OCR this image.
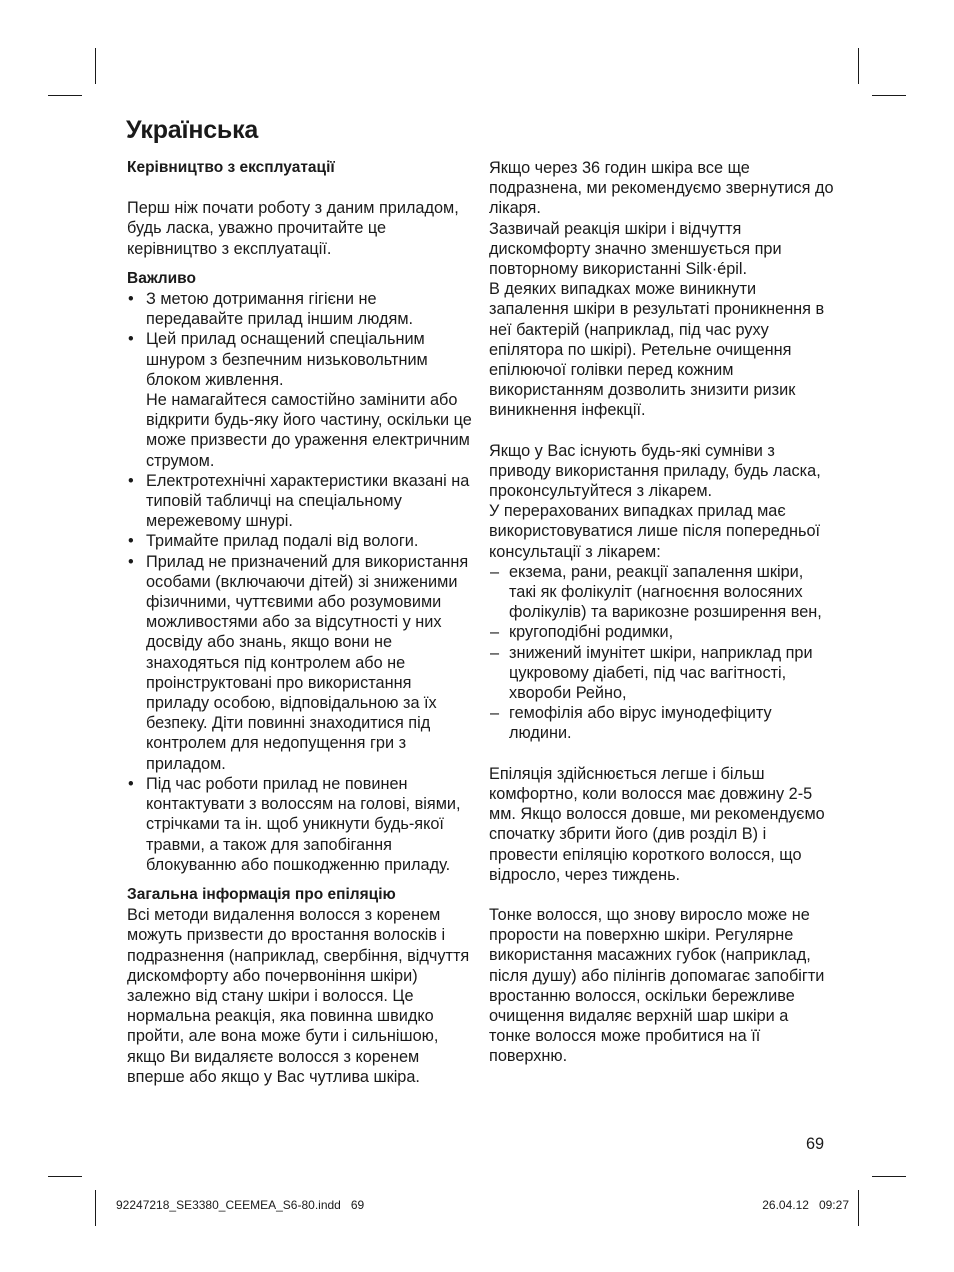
Українська

Керівництво з експлуатації

Перш ніж почати роботу з даним приладом, будь ласка, уважно прочитайте це керівництво з експлуатації.

Важливо

• З метою дотримання гігієни не передавайте прилад іншим людям.
• Цей прилад оснащений спеціальним шнуром з безпечним низьковольтним блоком живлення.
Не намагайтеся самостійно замінити або відкрити будь-яку його частину, оскільки це може призвести до ураження електричним струмом.
• Електротехнічні характеристики вказані на типовій табличці на спеціальному мережевому шнурі.
• Тримайте прилад подалі від вологи.
• Прилад не призначений для використання особами (включаючи дітей) зі зниженими фізичними, чуттєвими або розумовими можливостями або за відсутності у них досвіду або знань, якщо вони не знаходяться під контролем або не проінструктовані про використання приладу особою, відповідальною за їх безпеку. Діти повинні знаходитися під контролем для недопущення гри з приладом.
• Під час роботи прилад не повинен контактувати з волоссям на голові, віями, стрічками та ін. щоб уникнути будь-якої травми, а також для запобігання блокуванню або пошкодженню приладу.

Загальна інформація про епіляцію

Всі методи видалення волосся з коренем можуть призвести до вростання волосків і подразнення (наприклад, свербіння, відчуття дискомфорту або почервоніння шкіри) залежно від стану шкіри і волосся. Це нормальна реакція, яка повинна швидко пройти, але вона може бути і сильнішою, якщо Ви видаляєте волосся з коренем вперше або якщо у Вас чутлива шкіра.

Якщо через 36 годин шкіра все ще подразнена, ми рекомендуємо звернутися до лікаря.

Зазвичай реакція шкіри і відчуття дискомфорту значно зменшується при повторному використанні Silk·épil.

В деяких випадках може виникнути запалення шкіри в результаті проникнення в неї бактерій (наприклад, під час руху епілятора по шкірі). Ретельне очищення епілюючої голівки перед кожним використанням дозволить знизити ризик виникнення інфекції.

Якщо у Вас існують будь-які сумніви з приводу використання приладу, будь ласка, проконсультуйтеся з лікарем.

У перерахованих випадках прилад має використовуватися лише після попередньої консультації з лікарем:

– екзема, рани, реакції запалення шкіри, такі як фолікуліт (нагноєння волосяних фолікулів) та варикозне розширення вен,
– кругоподібні родимки,
– знижений імунітет шкіри, наприклад при цукровому діабеті, під час вагітності, хвороби Рейно,
– гемофілія або вірус імунодефіциту людини.

Епіляція здійснюється легше і більш комфортно, коли волосся має довжину 2-5 мм. Якщо волосся довше, ми рекомендуємо спочатку збрити його (див розділ B) і провести епіляцію короткого волосся, що відросло, через тиждень.

Тонке волосся, що знову виросло може не прорости на поверхню шкіри. Регулярне використання масажних губок (наприклад, після душу) або пілінгів допомагає запобігти вростанню волосся, оскільки бережливе очищення видаляє верхній шар шкіри а тонке волосся може пробитися на її поверхню.

69
92247218_SE3380_CEEMEA_S6-80.indd   69	26.04.12   09:27
